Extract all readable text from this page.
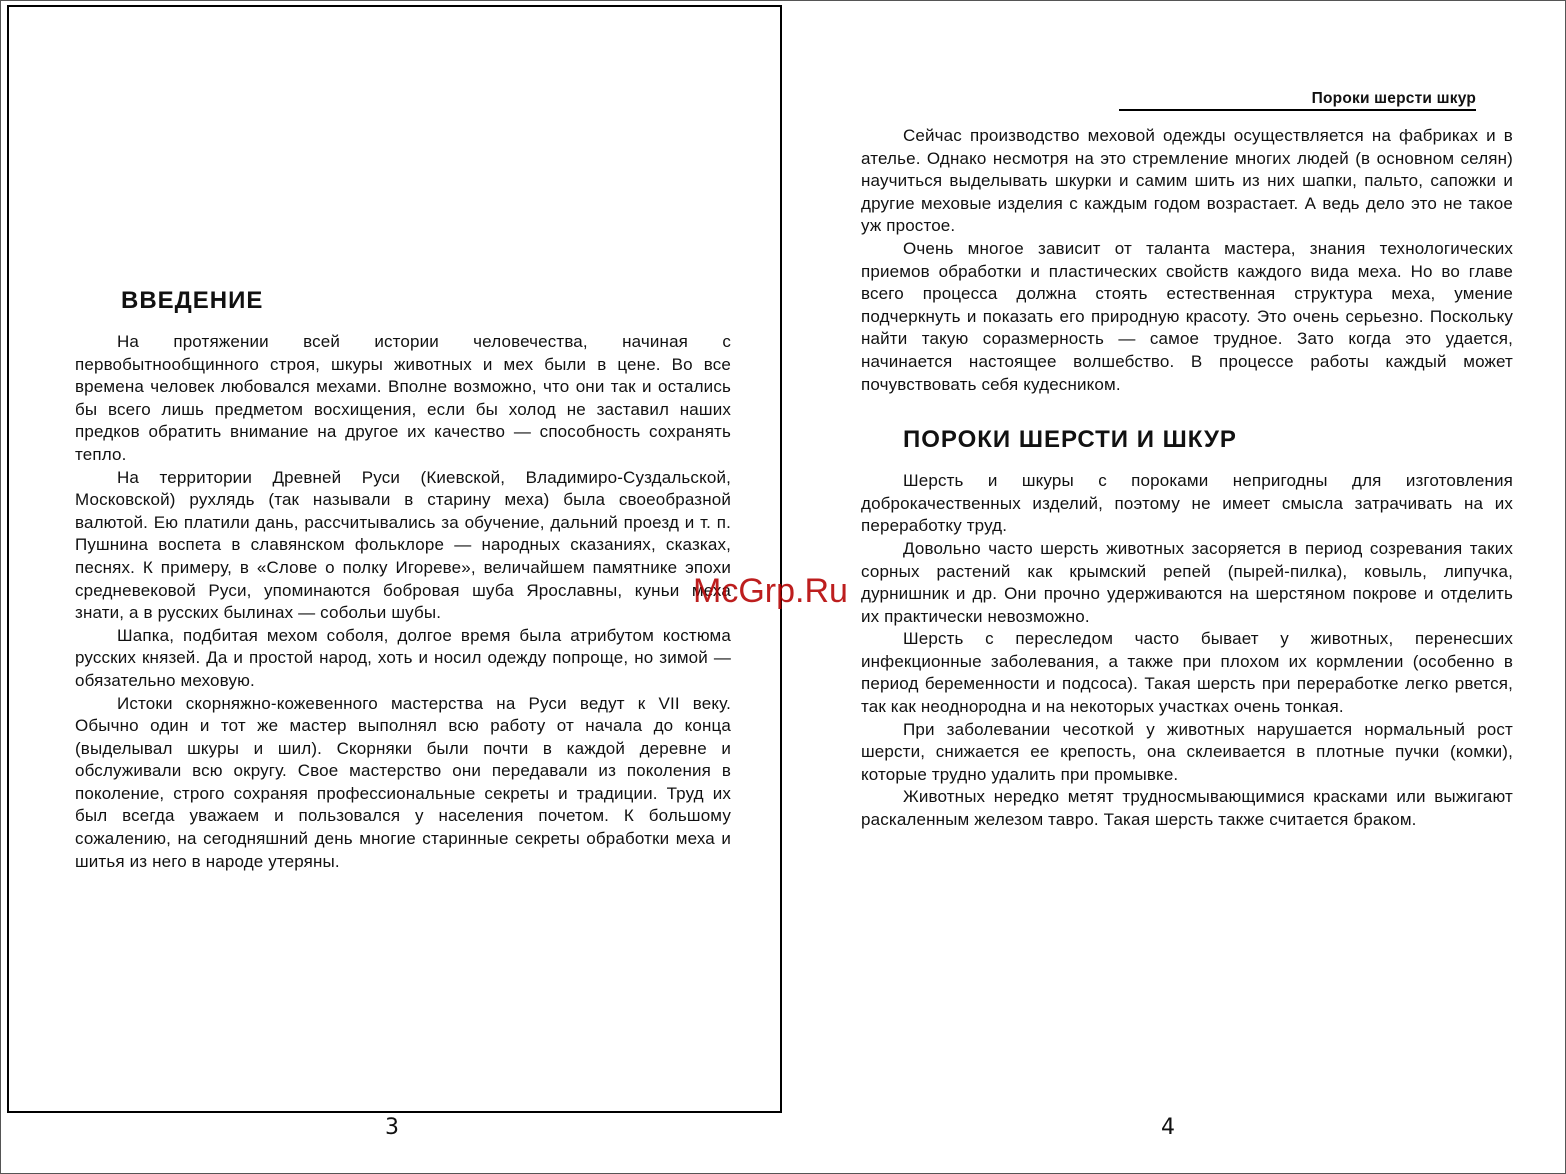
ВВЕДЕНИЕ

На протяжении всей истории человечества, начиная с первобытнообщинного строя, шкуры животных и мех были в цене. Во все времена человек любовался мехами. Вполне возможно, что они так и остались бы всего лишь предметом восхищения, если бы холод не заставил наших предков обратить внимание на другое их качество — способность сохранять тепло.

На территории Древней Руси (Киевской, Владимиро-Суздальской, Московской) рухлядь (так называли в старину меха) была своеобразной валютой. Ею платили дань, рассчитывались за обучение, дальний проезд и т. п. Пушнина воспета в славянском фольклоре — народных сказаниях, сказках, песнях. К примеру, в «Слове о полку Игореве», величайшем памятнике эпохи средневековой Руси, упоминаются бобровая шуба Ярославны, куньи меха знати, а в русских былинах — собольи шубы.

Шапка, подбитая мехом соболя, долгое время была атрибутом костюма русских князей. Да и простой народ, хоть и носил одежду попроще, но зимой — обязательно меховую.

Истоки скорняжно-кожевенного мастерства на Руси ведут к VII веку. Обычно один и тот же мастер выполнял всю работу от начала до конца (выделывал шкуры и шил). Скорняки были почти в каждой деревне и обслуживали всю округу. Свое мастерство они передавали из поколения в поколение, строго сохраняя профессиональные секреты и традиции. Труд их был всегда уважаем и пользовался у населения почетом. К большому сожалению, на сегодняшний день многие старинные секреты обработки меха и шитья из него в народе утеряны.

3
Пороки шерсти шкур

Сейчас производство меховой одежды осуществляется на фабриках и в ателье. Однако несмотря на это стремление многих людей (в основном селян) научиться выделывать шкурки и самим шить из них шапки, пальто, сапожки и другие меховые изделия с каждым годом возрастает. А ведь дело это не такое уж простое.

Очень многое зависит от таланта мастера, знания технологических приемов обработки и пластических свойств каждого вида меха. Но во главе всего процесса должна стоять естественная структура меха, умение подчеркнуть и показать его природную красоту. Это очень серьезно. Поскольку найти такую соразмерность — самое трудное. Зато когда это удается, начинается настоящее волшебство. В процессе работы каждый может почувствовать себя кудесником.

ПОРОКИ ШЕРСТИ И ШКУР

Шерсть и шкуры с пороками непригодны для изготовления доброкачественных изделий, поэтому не имеет смысла затрачивать на их переработку труд.

Довольно часто шерсть животных засоряется в период созревания таких сорных растений как крымский репей (пырей-пилка), ковыль, липучка, дурнишник и др. Они прочно удерживаются на шерстяном покрове и отделить их практически невозможно.

Шерсть с переследом часто бывает у животных, перенесших инфекционные заболевания, а также при плохом их кормлении (особенно в период беременности и подсоса). Такая шерсть при переработке легко рвется, так как неоднородна и на некоторых участках очень тонкая.

При заболевании чесоткой у животных нарушается нормальный рост шерсти, снижается ее крепость, она склеивается в плотные пучки (комки), которые трудно удалить при промывке.

Животных нередко метят трудносмывающимися красками или выжигают раскаленным железом тавро. Такая шерсть также считается браком.

4
McGrp.Ru
